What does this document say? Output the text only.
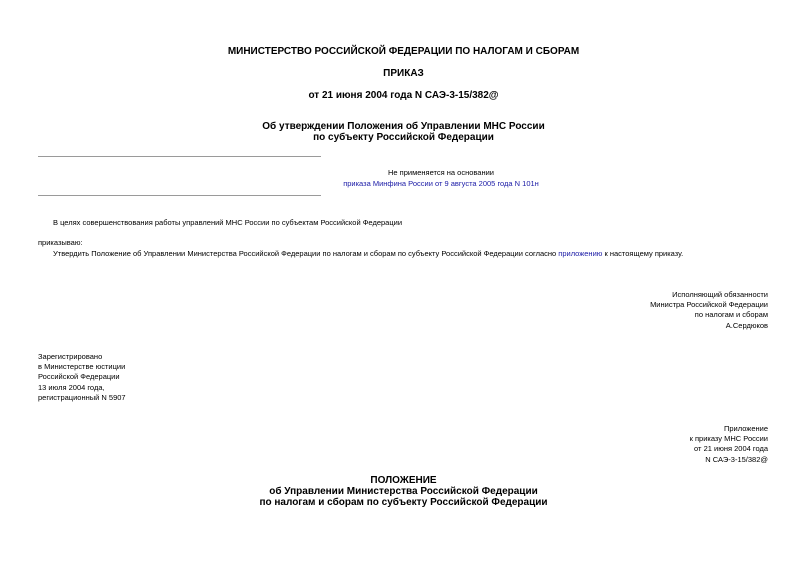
МИНИСТЕРСТВО РОССИЙСКОЙ ФЕДЕРАЦИИ ПО НАЛОГАМ И СБОРАМ
ПРИКАЗ
от 21 июня 2004 года N САЭ-3-15/382@
Об утверждении Положения об Управлении МНС России
по субъекту Российской Федерации
Не применяется на основании
приказа Минфина России от 9 августа 2005 года N 101н
В целях совершенствования работы управлений МНС России по субъектам Российской Федерации
приказываю:
Утвердить Положение об Управлении Министерства Российской Федерации по налогам и сборам по субъекту Российской Федерации согласно приложению к настоящему приказу.
Исполняющий обязанности
Министра Российской Федерации
по налогам и сборам
А.Сердюков
Зарегистрировано
в Министерстве юстиции
Российской Федерации
13 июля 2004 года,
регистрационный N 5907
Приложение
к приказу МНС России
от 21 июня 2004 года
N САЭ-3-15/382@
ПОЛОЖЕНИЕ
об Управлении Министерства Российской Федерации
по налогам и сборам по субъекту Российской Федерации
